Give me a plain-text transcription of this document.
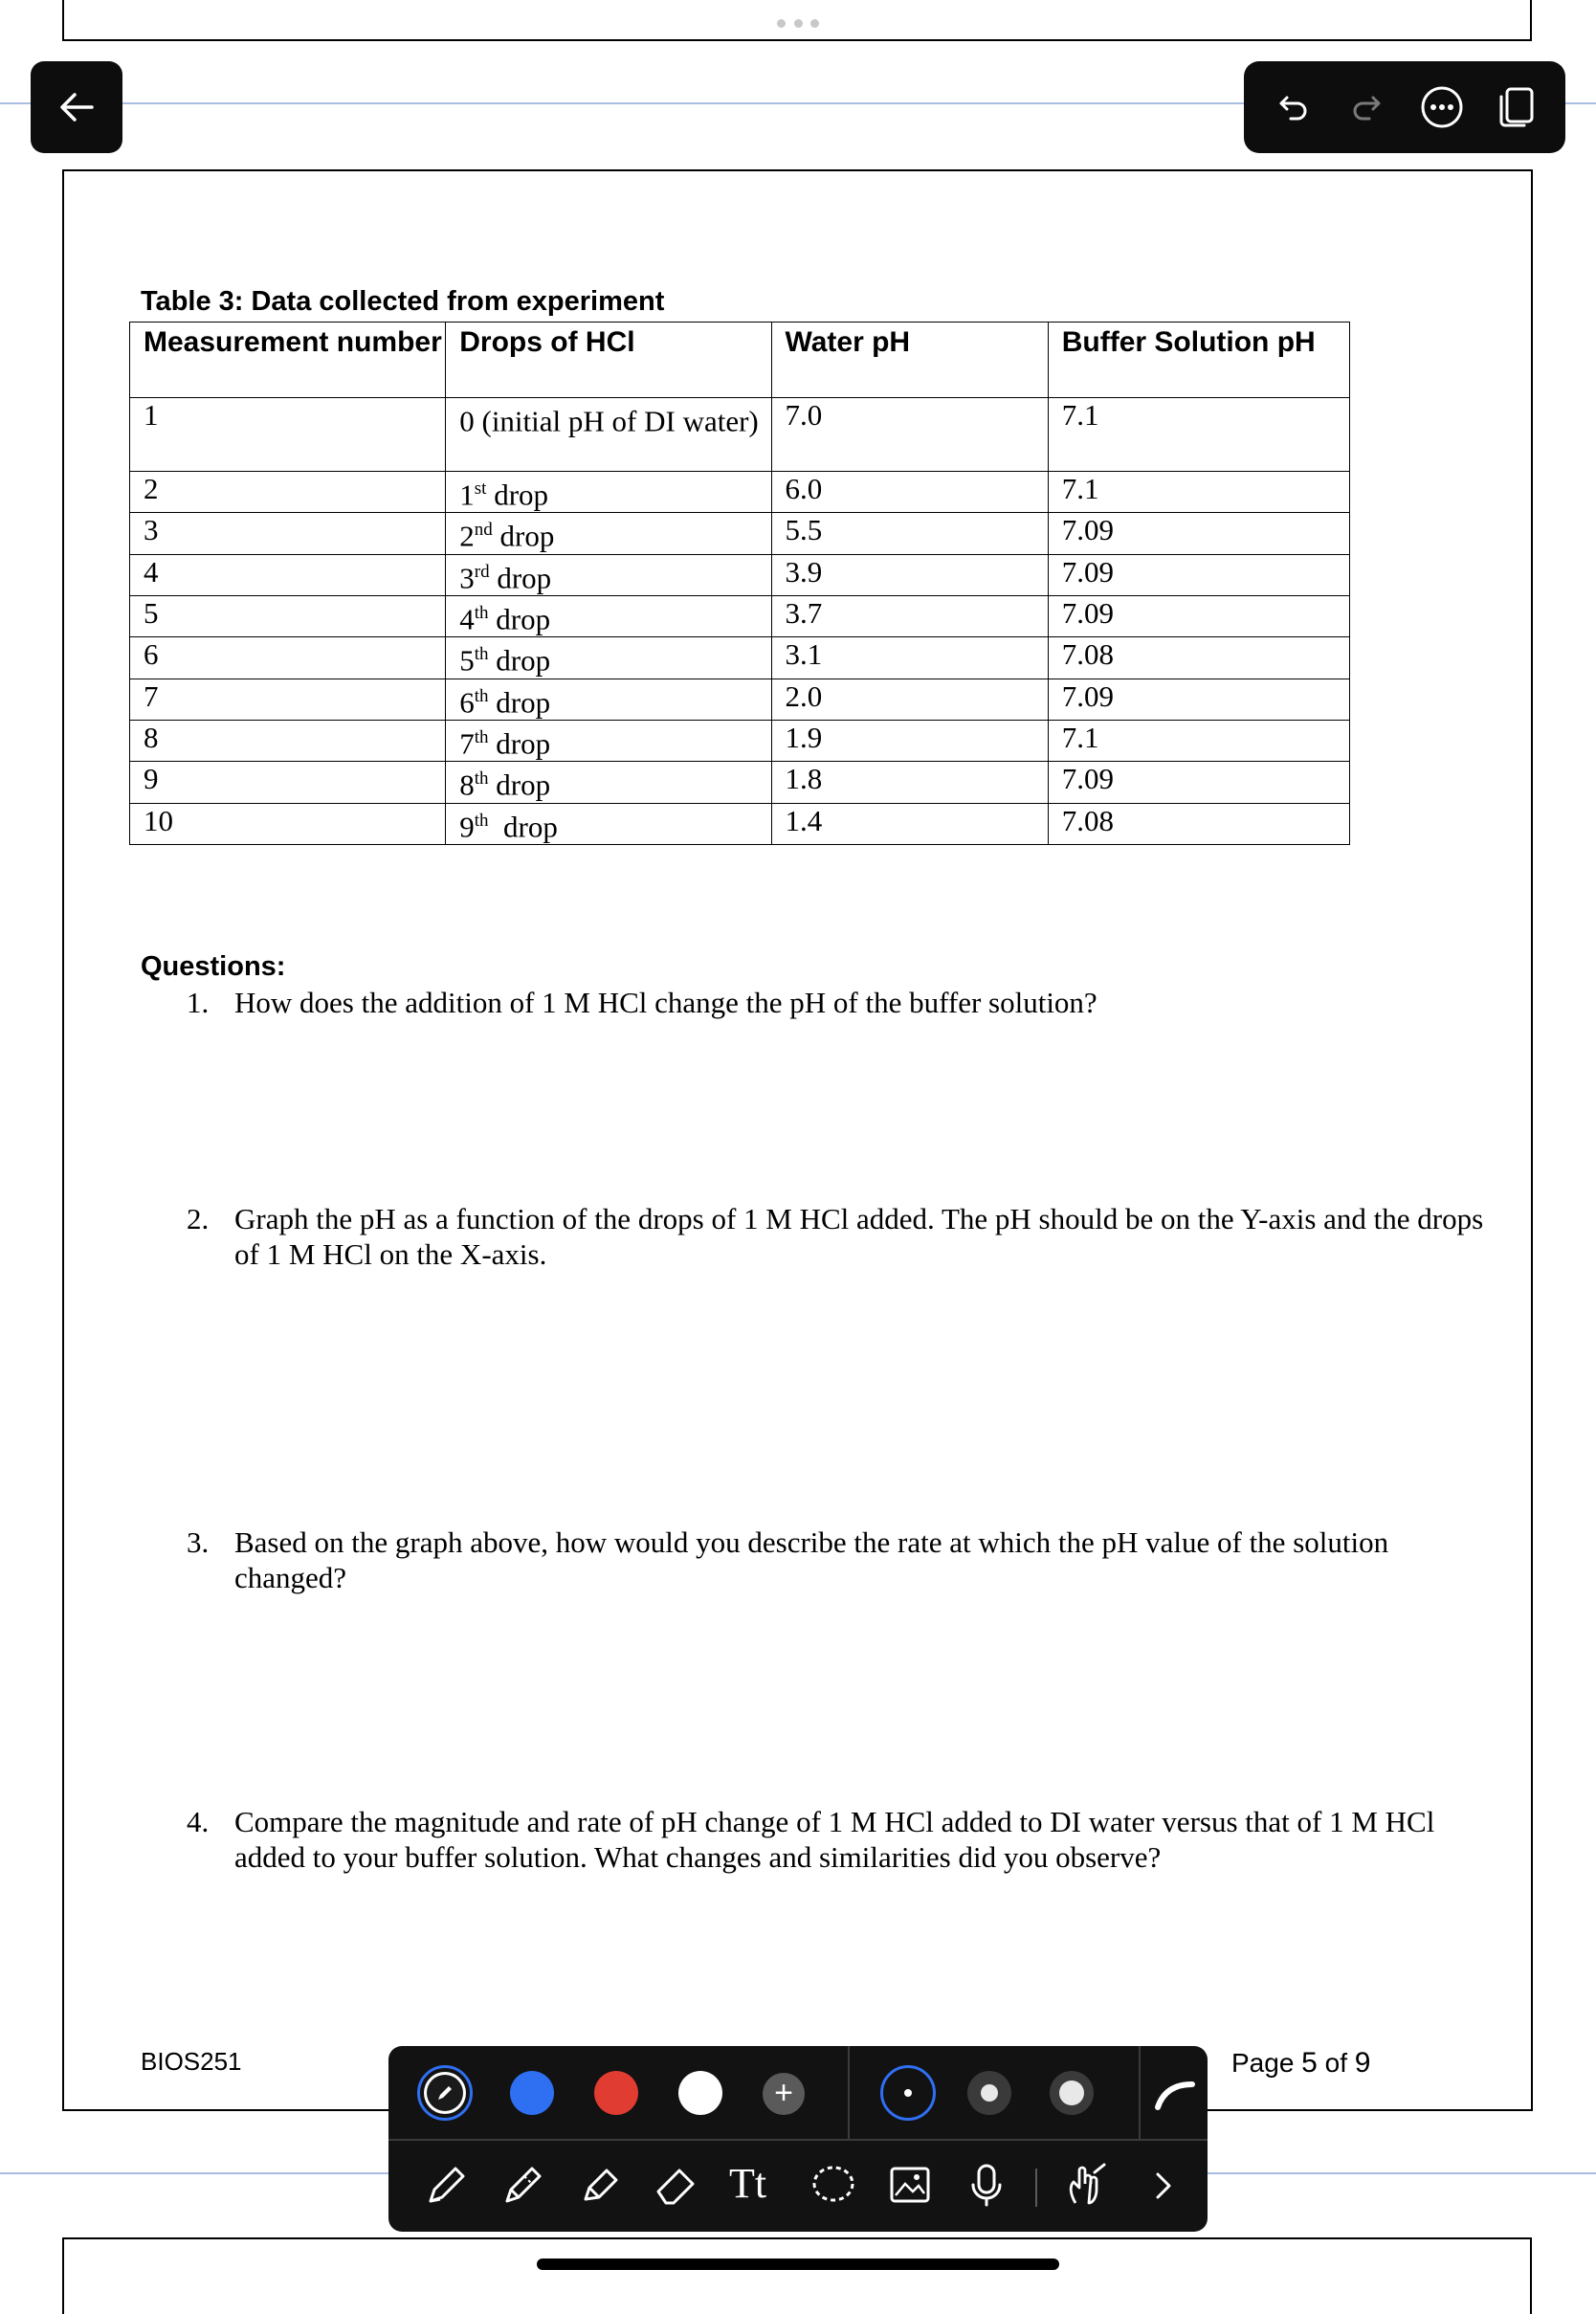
Table 3: Data collected from experiment
Measurement number	Drops of HCl	Water pH	Buffer Solution pH
1	0 (initial pH of DI water)	7.0	7.1
2	1st drop	6.0	7.1
3	2nd drop	5.5	7.09
4	3rd drop	3.9	7.09
5	4th drop	3.7	7.09
6	5th drop	3.1	7.08
7	6th drop	2.0	7.09
8	7th drop	1.9	7.1
9	8th drop	1.8	7.09
10	9th  drop	1.4	7.08
Questions:
1. How does the addition of 1 M HCl change the pH of the buffer solution?
2. Graph the pH as a function of the drops of 1 M HCl added. The pH should be on the Y-axis and the drops of 1 M HCl on the X-axis.
3. Based on the graph above, how would you describe the rate at which the pH value of the solution changed?
4. Compare the magnitude and rate of pH change of 1 M HCl added to DI water versus that of 1 M HCl added to your buffer solution. What changes and similarities did you observe?
BIOS251	Page 5 of 9
+
Tt
